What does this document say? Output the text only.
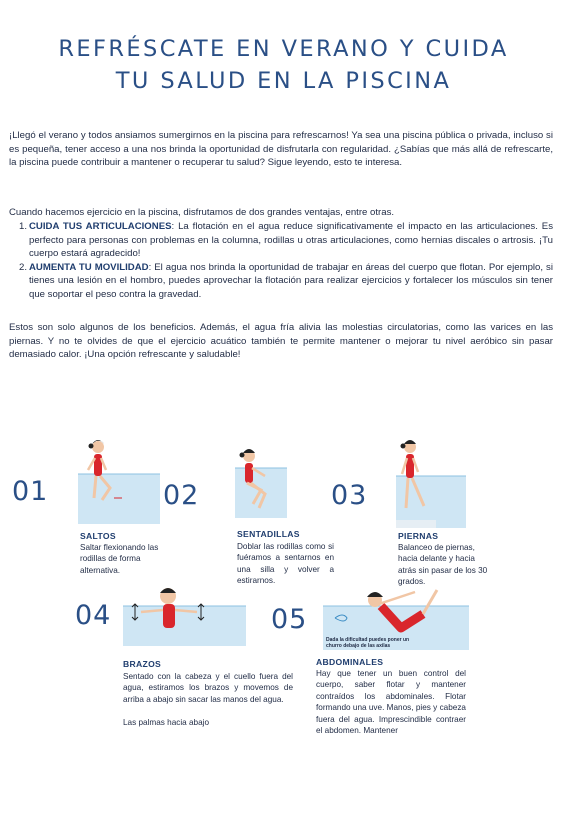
REFRÉSCATE EN VERANO Y CUIDA
TU SALUD EN LA PISCINA

¡Llegó el verano y todos ansiamos sumergirnos en la piscina para refrescarnos! Ya sea una piscina pública o privada, incluso si es pequeña, tener acceso a una nos brinda la oportunidad de disfrutarla con regularidad. ¿Sabías que más allá de refrescarte, la piscina puede contribuir a mantener o recuperar tu salud? Sigue leyendo, esto te interesa.

Cuando hacemos ejercicio en la piscina, disfrutamos de dos grandes ventajas, entre otras.

1. CUIDA TUS ARTICULACIONES: La flotación en el agua reduce significativamente el impacto en las articulaciones. Es perfecto para personas con problemas en la columna, rodillas u otras articulaciones, como hernias discales o artrosis. ¡Tu cuerpo estará agradecido!
2. AUMENTA TU MOVILIDAD: El agua nos brinda la oportunidad de trabajar en áreas del cuerpo que flotan. Por ejemplo, si tienes una lesión en el hombro, puedes aprovechar la flotación para realizar ejercicios y fortalecer los músculos sin tener que soportar el peso contra la gravedad.

Estos son solo algunos de los beneficios. Además, el agua fría alivia las molestias circulatorias, como las varices en las piernas. Y no te olvides de que el ejercicio acuático también te permite mantener o mejorar tu nivel aeróbico sin pasar demasiado calor. ¡Una opción refrescante y saludable!

01
SALTOS

Saltar flexionando las rodillas de forma alternativa.

02
SENTADILLAS

Doblar las rodillas como si fuéramos a sentarnos en una silla y volver a estirarnos.

03
PIERNAS

Balanceo de piernas, hacia delante y hacia atrás sin pasar de los 30 grados.

04
BRAZOS

Sentado con la cabeza y el cuello fuera del agua, estiramos los brazos y movemos de arriba a abajo sin sacar las manos del agua.

Las palmas hacia abajo

05
Dada la dificultad puedes poner un churro debajo de las axilas
ABDOMINALES

Hay que tener un buen control del cuerpo, saber flotar y mantener contraídos los abdominales. Flotar formando una uve. Manos, pies y cabeza fuera del agua. Imprescindible contraer el abdomen. Mantener
